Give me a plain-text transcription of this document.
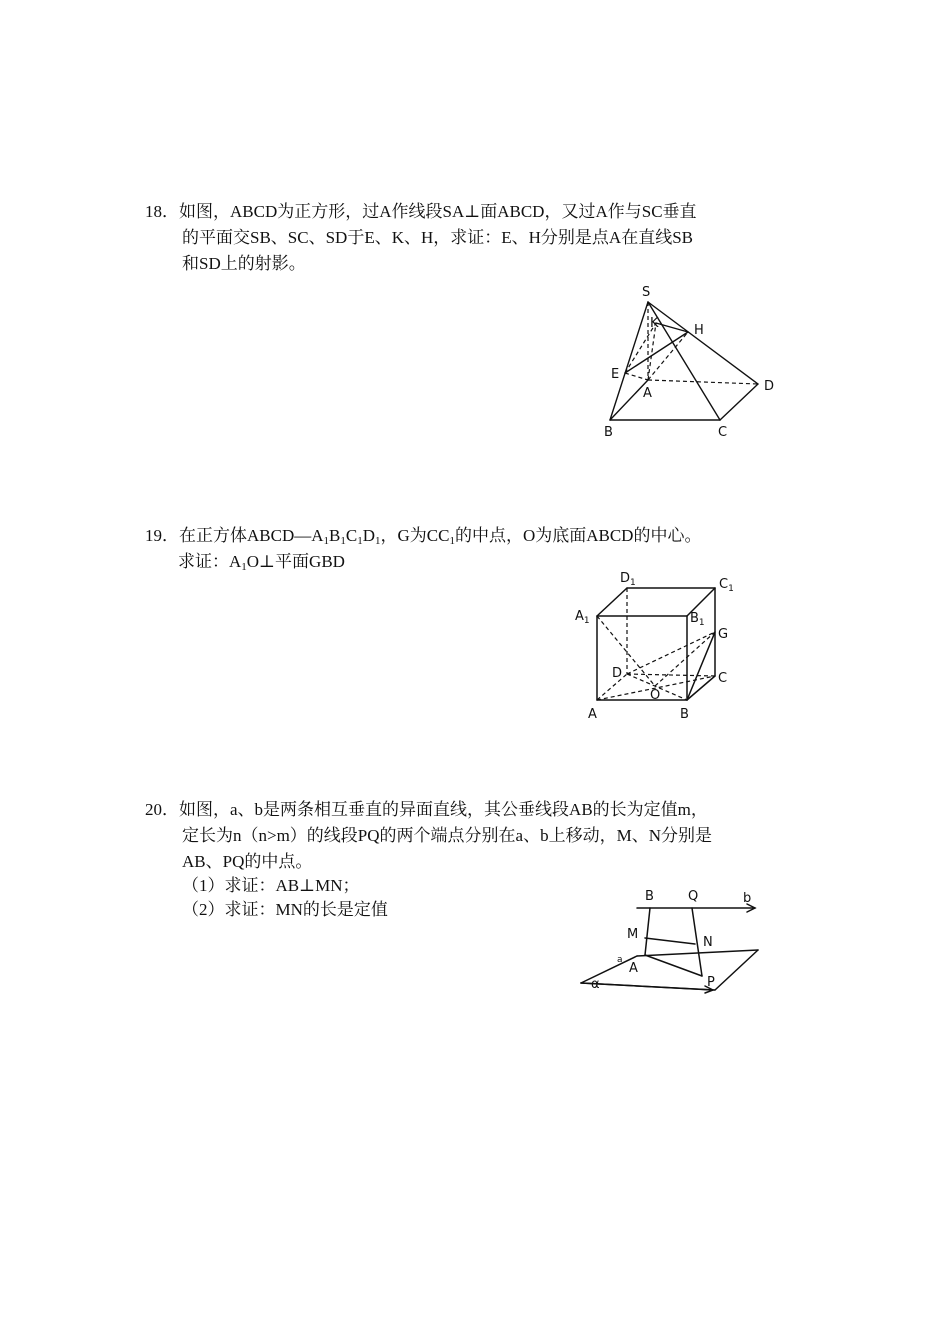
18．如图，ABCD为正方形，过A作线段SA⊥面ABCD，又过A作与SC垂直
的平面交SB、SC、SD于E、K、H，求证：E、H分别是点A在直线SB
和SD上的射影。
S
K	H
E
A	D
B	C
19．在正方体$ABCD—A_1B_1C_1D_1$，G为$CC_1$的中点，O为底面ABCD的中心。
求证：$A_1O\perp$平面GBD
$D_1$	$C_1$
$A_1$	$B_1$
G
D	C
O
A	B
20．如图，a、b是两条相互垂直的异面直线，其公垂线段AB的长为定值m，
定长为n（n>m）的线段PQ的两个端点分别在a、b上移动，M、N分别是
AB、PQ的中点。
（1）求证：AB⊥MN；
（2）求证：MN的长是定值
B	Q	b
M
N
a
A
P
α
